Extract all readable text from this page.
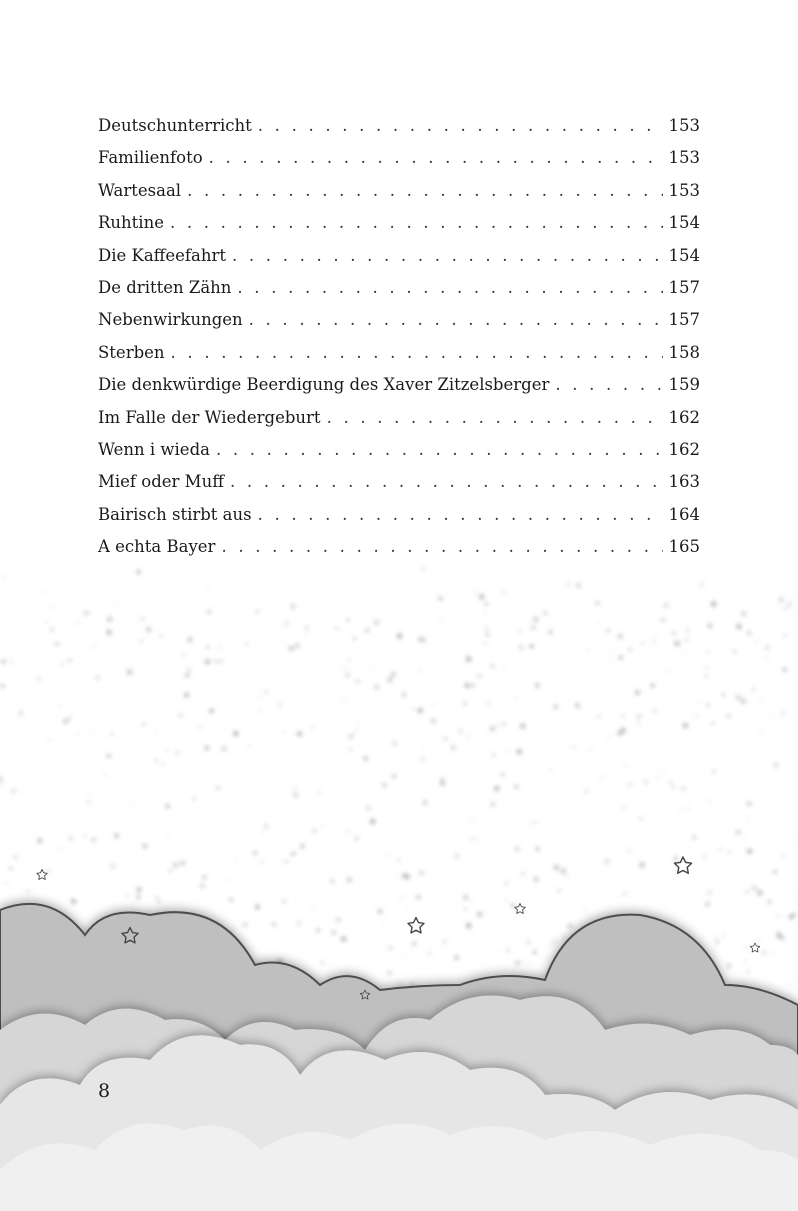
Deutschunterricht . . .	153
Familienfoto . . .	153
Wartesaal . . .	153
Ruhtine . . .	154
Die Kaffeefahrt . . .	154
De dritten Zähn . . .	157
Nebenwirkungen . . .	157
Sterben . . .	158
Die denkwürdige Beerdigung des Xaver Zitzelsberger . . .	159
Im Falle der Wiedergeburt . . .	162
Wenn i wieda . . .	162
Mief oder Muff . . .	163
Bairisch stirbt aus . . .	164
A echta Bayer . . .	165
8
